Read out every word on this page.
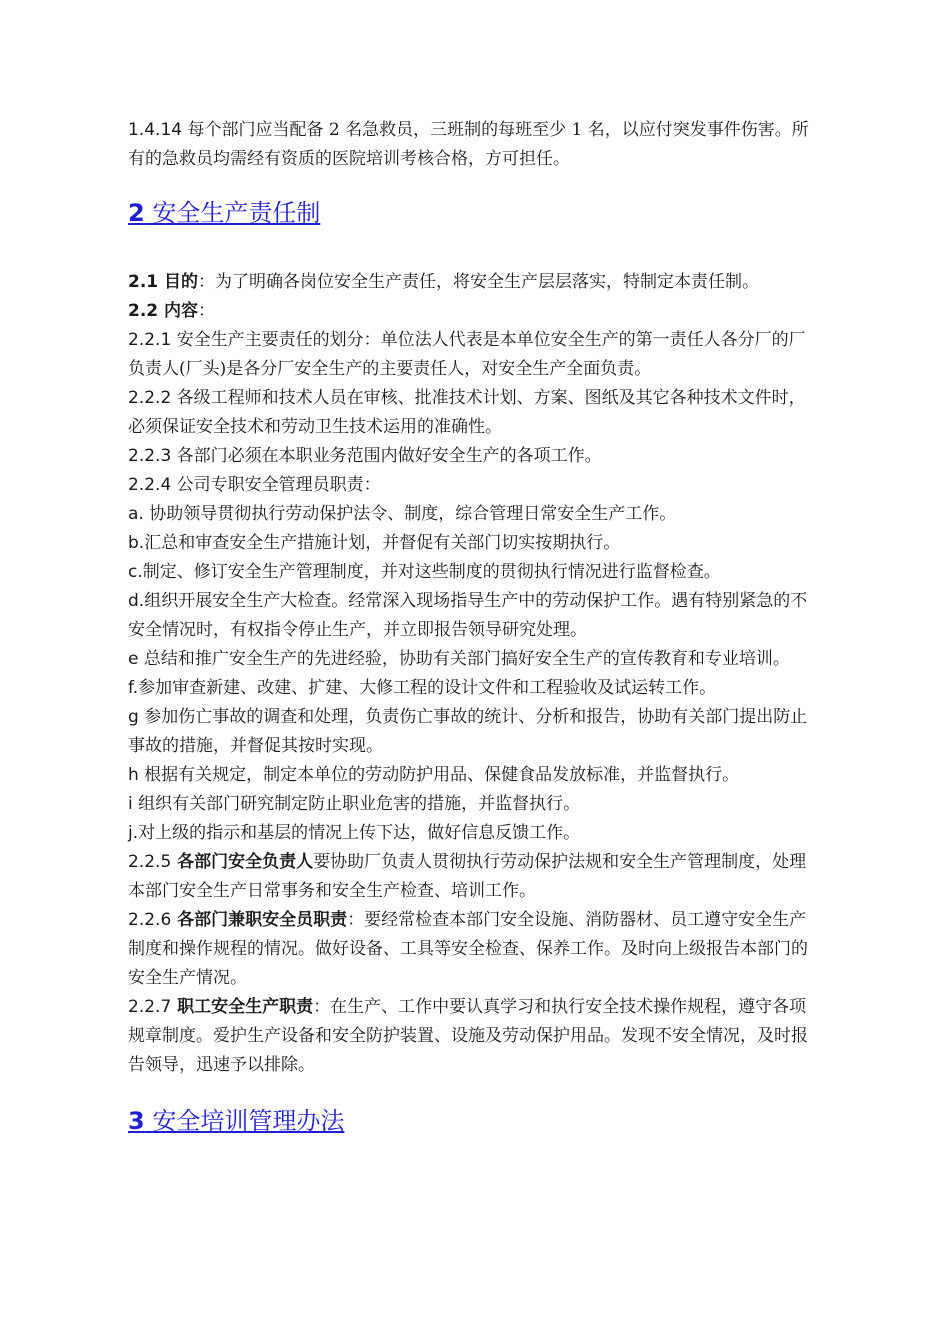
1.4.14 每个部门应当配备 2 名急救员，三班制的每班至少 1 名，以应付突发事件伤害。所有的急救员均需经有资质的医院培训考核合格，方可担任。

2 安全生产责任制

2.1 目的：为了明确各岗位安全生产责任，将安全生产层层落实，特制定本责任制。

2.2 内容：

2.2.1 安全生产主要责任的划分：单位法人代表是本单位安全生产的第一责任人各分厂的厂负责人(厂头)是各分厂安全生产的主要责任人，对安全生产全面负责。

2.2.2 各级工程师和技术人员在审核、批准技术计划、方案、图纸及其它各种技术文件时，必须保证安全技术和劳动卫生技术运用的准确性。

2.2.3 各部门必须在本职业务范围内做好安全生产的各项工作。

2.2.4 公司专职安全管理员职责：

a. 协助领导贯彻执行劳动保护法令、制度，综合管理日常安全生产工作。

b.汇总和审查安全生产措施计划，并督促有关部门切实按期执行。

c.制定、修订安全生产管理制度，并对这些制度的贯彻执行情况进行监督检查。

d.组织开展安全生产大检查。经常深入现场指导生产中的劳动保护工作。遇有特别紧急的不安全情况时，有权指令停止生产，并立即报告领导研究处理。

e 总结和推广安全生产的先进经验，协助有关部门搞好安全生产的宣传教育和专业培训。

f.参加审查新建、改建、扩建、大修工程的设计文件和工程验收及试运转工作。

g 参加伤亡事故的调查和处理，负责伤亡事故的统计、分析和报告，协助有关部门提出防止事故的措施，并督促其按时实现。

h 根据有关规定，制定本单位的劳动防护用品、保健食品发放标准，并监督执行。

i 组织有关部门研究制定防止职业危害的措施，并监督执行。

j.对上级的指示和基层的情况上传下达，做好信息反馈工作。

2.2.5 各部门安全负责人要协助厂负责人贯彻执行劳动保护法规和安全生产管理制度，处理本部门安全生产日常事务和安全生产检查、培训工作。

2.2.6 各部门兼职安全员职责：要经常检查本部门安全设施、消防器材、员工遵守安全生产制度和操作规程的情况。做好设备、工具等安全检查、保养工作。及时向上级报告本部门的安全生产情况。

2.2.7 职工安全生产职责：在生产、工作中要认真学习和执行安全技术操作规程，遵守各项规章制度。爱护生产设备和安全防护装置、设施及劳动保护用品。发现不安全情况，及时报告领导，迅速予以排除。

3 安全培训管理办法
